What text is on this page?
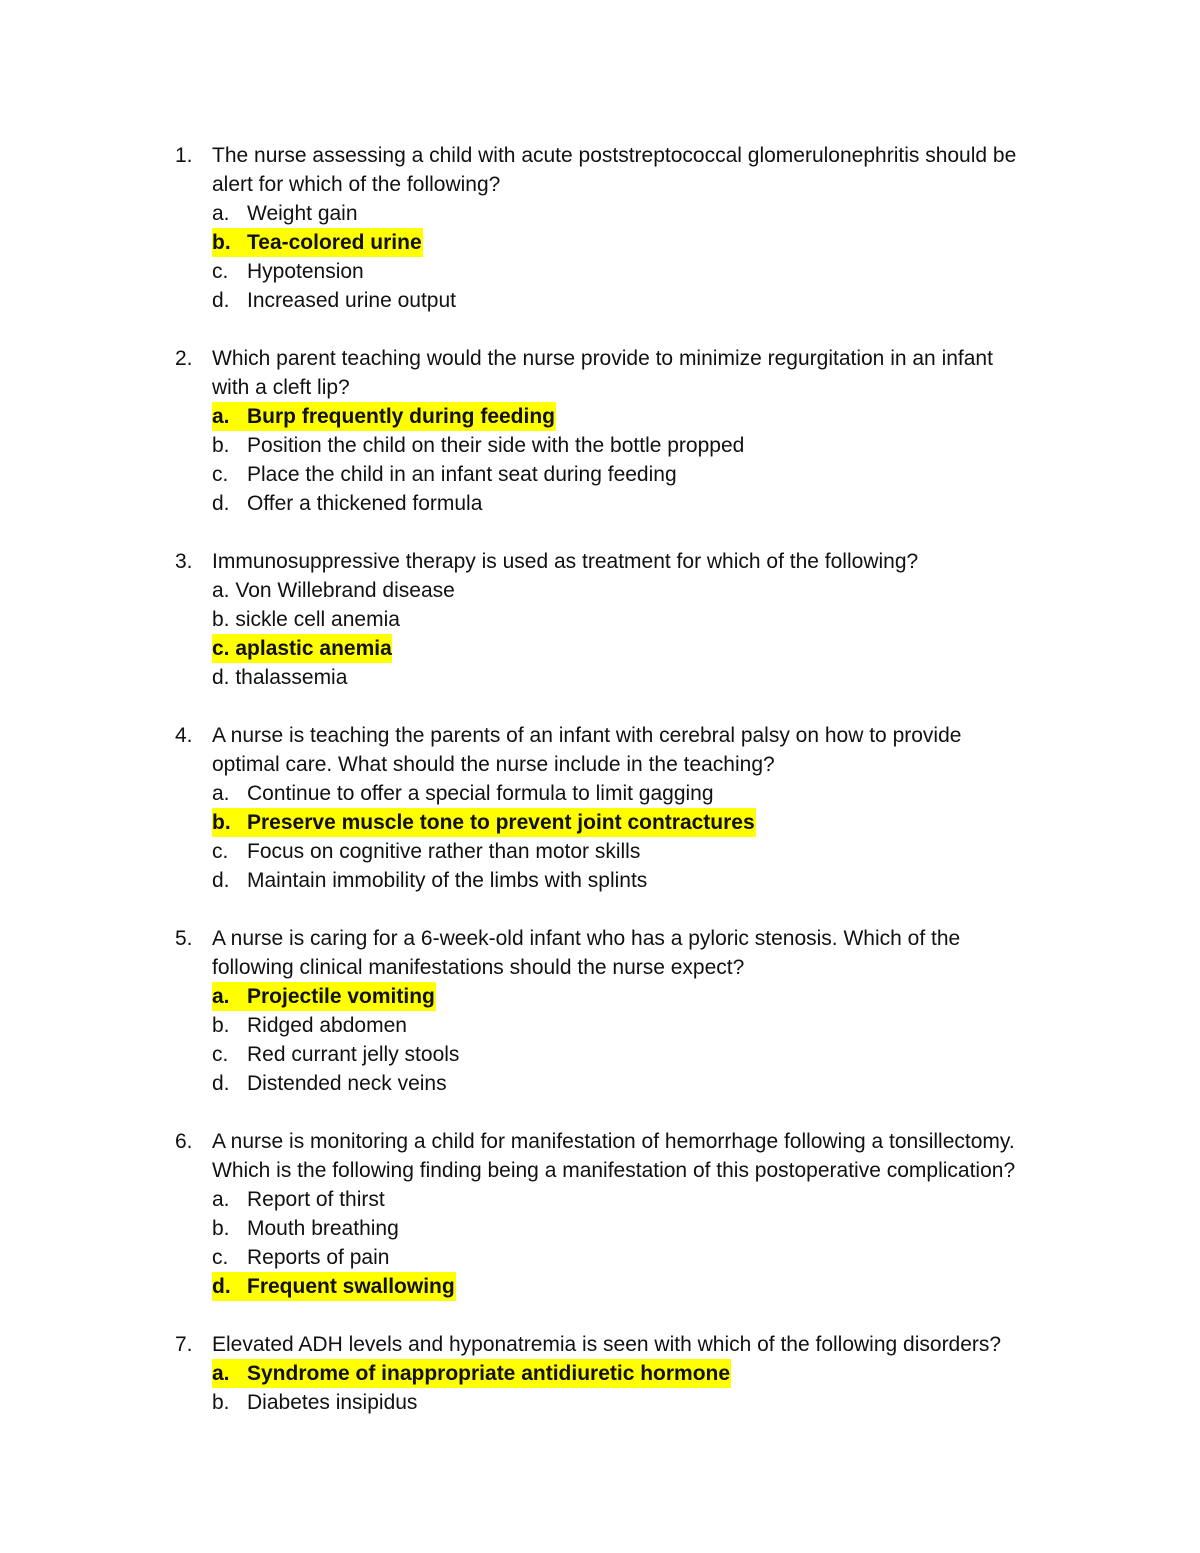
1. The nurse assessing a child with acute poststreptococcal glomerulonephritis should be
alert for which of the following?
a. Weight gain
b. Tea-colored urine
c. Hypotension
d. Increased urine output
2. Which parent teaching would the nurse provide to minimize regurgitation in an infant
with a cleft lip?
a. Burp frequently during feeding
b. Position the child on their side with the bottle propped
c. Place the child in an infant seat during feeding
d. Offer a thickened formula
3. Immunosuppressive therapy is used as treatment for which of the following?
a. Von Willebrand disease
b. sickle cell anemia
c. aplastic anemia
d. thalassemia
4. A nurse is teaching the parents of an infant with cerebral palsy on how to provide
optimal care. What should the nurse include in the teaching?
a. Continue to offer a special formula to limit gagging
b. Preserve muscle tone to prevent joint contractures
c. Focus on cognitive rather than motor skills
d. Maintain immobility of the limbs with splints
5. A nurse is caring for a 6-week-old infant who has a pyloric stenosis. Which of the
following clinical manifestations should the nurse expect?
a. Projectile vomiting
b. Ridged abdomen
c. Red currant jelly stools
d. Distended neck veins
6. A nurse is monitoring a child for manifestation of hemorrhage following a tonsillectomy.
Which is the following finding being a manifestation of this postoperative complication?
a. Report of thirst
b. Mouth breathing
c. Reports of pain
d. Frequent swallowing
7. Elevated ADH levels and hyponatremia is seen with which of the following disorders?
a. Syndrome of inappropriate antidiuretic hormone
b. Diabetes insipidus
